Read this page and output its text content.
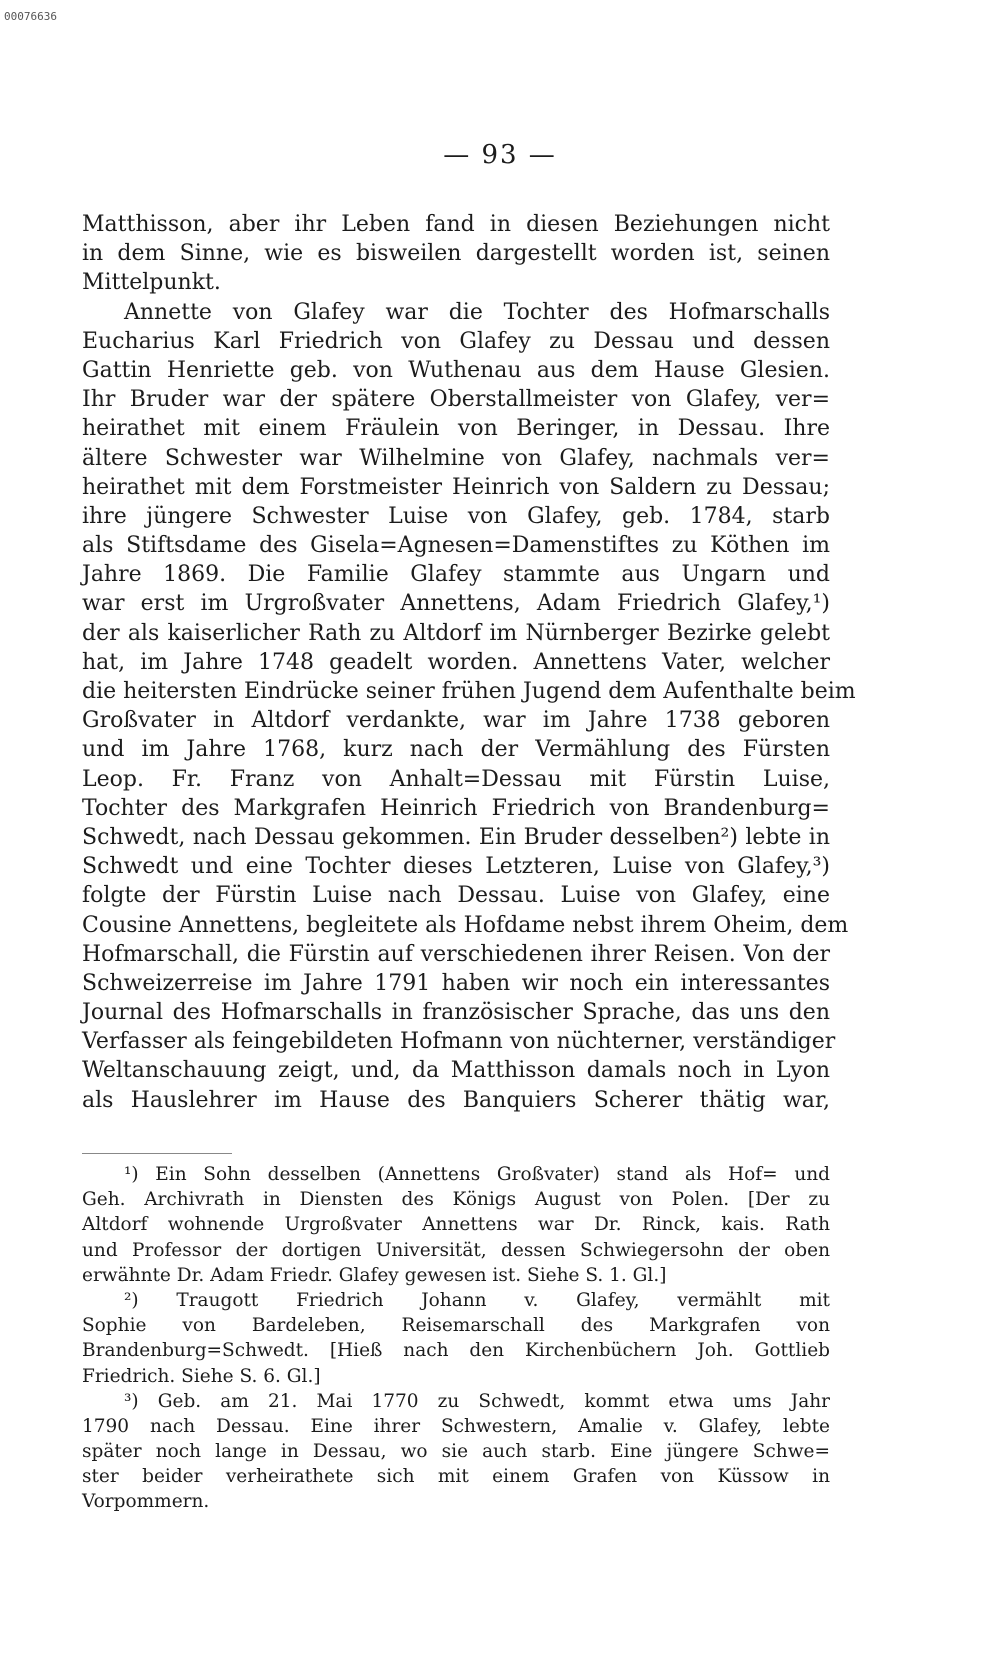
00076636
— 93 —
Matthisson, aber ihr Leben fand in diesen Beziehungen nicht
in dem Sinne, wie es bisweilen dargestellt worden ist, seinen
Mittelpunkt.
Annette von Glafey war die Tochter des Hofmarschalls
Eucharius Karl Friedrich von Glafey zu Dessau und dessen
Gattin Henriette geb. von Wuthenau aus dem Hause Glesien.
Ihr Bruder war der spätere Oberstallmeister von Glafey, ver=
heirathet mit einem Fräulein von Beringer, in Dessau. Ihre
ältere Schwester war Wilhelmine von Glafey, nachmals ver=
heirathet mit dem Forstmeister Heinrich von Saldern zu Dessau;
ihre jüngere Schwester Luise von Glafey, geb. 1784, starb
als Stiftsdame des Gisela=Agnesen=Damenstiftes zu Köthen im
Jahre 1869. Die Familie Glafey stammte aus Ungarn und
war erst im Urgroßvater Annettens, Adam Friedrich Glafey,¹)
der als kaiserlicher Rath zu Altdorf im Nürnberger Bezirke gelebt
hat, im Jahre 1748 geadelt worden. Annettens Vater, welcher
die heitersten Eindrücke seiner frühen Jugend dem Aufenthalte beim
Großvater in Altdorf verdankte, war im Jahre 1738 geboren
und im Jahre 1768, kurz nach der Vermählung des Fürsten
Leop. Fr. Franz von Anhalt=Dessau mit Fürstin Luise,
Tochter des Markgrafen Heinrich Friedrich von Brandenburg=
Schwedt, nach Dessau gekommen. Ein Bruder desselben²) lebte in
Schwedt und eine Tochter dieses Letzteren, Luise von Glafey,³)
folgte der Fürstin Luise nach Dessau. Luise von Glafey, eine
Cousine Annettens, begleitete als Hofdame nebst ihrem Oheim, dem
Hofmarschall, die Fürstin auf verschiedenen ihrer Reisen. Von der
Schweizerreise im Jahre 1791 haben wir noch ein interessantes
Journal des Hofmarschalls in französischer Sprache, das uns den
Verfasser als feingebildeten Hofmann von nüchterner, verständiger
Weltanschauung zeigt, und, da Matthisson damals noch in Lyon
als Hauslehrer im Hause des Banquiers Scherer thätig war,
¹) Ein Sohn desselben (Annettens Großvater) stand als Hof= und
Geh. Archivrath in Diensten des Königs August von Polen. [Der zu
Altdorf wohnende Urgroßvater Annettens war Dr. Rinck, kais. Rath
und Professor der dortigen Universität, dessen Schwiegersohn der oben
erwähnte Dr. Adam Friedr. Glafey gewesen ist. Siehe S. 1. Gl.]
²) Traugott Friedrich Johann v. Glafey, vermählt mit
Sophie von Bardeleben, Reisemarschall des Markgrafen von
Brandenburg=Schwedt. [Hieß nach den Kirchenbüchern Joh. Gottlieb
Friedrich. Siehe S. 6. Gl.]
³) Geb. am 21. Mai 1770 zu Schwedt, kommt etwa ums Jahr
1790 nach Dessau. Eine ihrer Schwestern, Amalie v. Glafey, lebte
später noch lange in Dessau, wo sie auch starb. Eine jüngere Schwe=
ster beider verheirathete sich mit einem Grafen von Küssow in
Vorpommern.
